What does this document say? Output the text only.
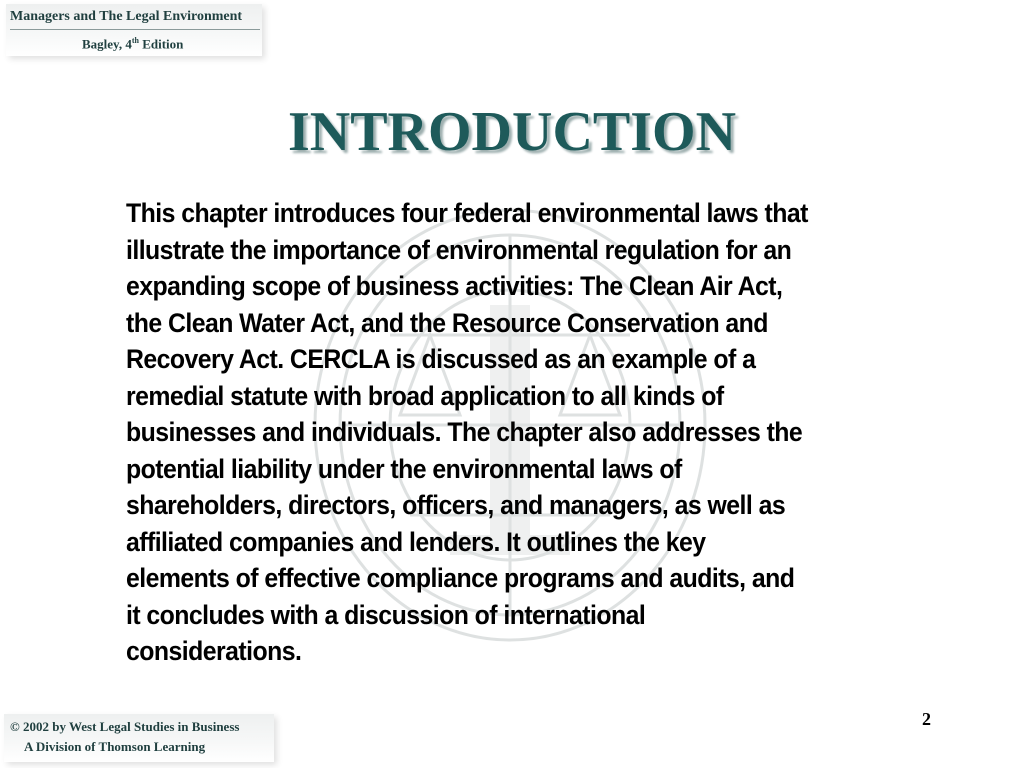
Managers and The Legal Environment
Bagley, 4th Edition
INTRODUCTION
This chapter introduces four federal environmental laws that
illustrate the importance of environmental regulation for an
expanding scope of business activities: The Clean Air Act,
the Clean Water Act, and the Resource Conservation and
Recovery Act. CERCLA is discussed as an example of a
remedial statute with broad application to all kinds of
businesses and individuals. The chapter also addresses the
potential liability under the environmental laws of
shareholders, directors, officers, and managers, as well as
affiliated companies and lenders. It outlines the key
elements of effective compliance programs and audits, and
it concludes with a discussion of international
considerations.
2
© 2002 by West Legal Studies in Business
A Division of Thomson Learning
